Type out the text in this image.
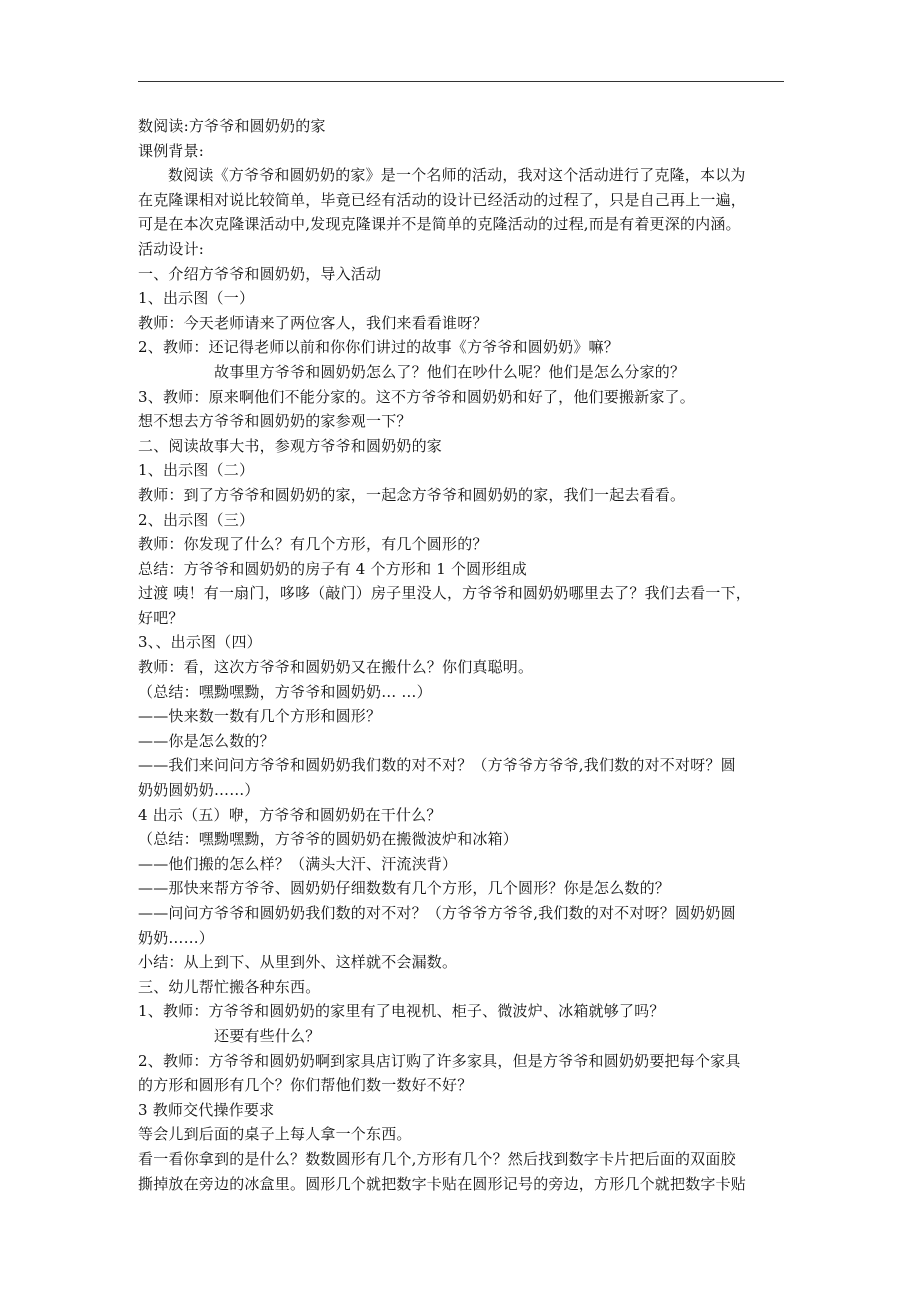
数阅读:方爷爷和圆奶奶的家
课例背景:
数阅读《方爷爷和圆奶奶的家》是一个名师的活动，我对这个活动进行了克隆，本以为
在克隆课相对说比较简单，毕竟已经有活动的设计已经活动的过程了，只是自己再上一遍，
可是在本次克隆课活动中,发现克隆课并不是简单的克隆活动的过程,而是有着更深的内涵。
活动设计:
一、介绍方爷爷和圆奶奶，导入活动
1、出示图（一）
教师：今天老师请来了两位客人，我们来看看谁呀？
2、教师：还记得老师以前和你你们讲过的故事《方爷爷和圆奶奶》嘛？
故事里方爷爷和圆奶奶怎么了？他们在吵什么呢？他们是怎么分家的？
3、教师：原来啊他们不能分家的。这不方爷爷和圆奶奶和好了，他们要搬新家了。
想不想去方爷爷和圆奶奶的家参观一下？
二、阅读故事大书，参观方爷爷和圆奶奶的家
1、出示图（二）
教师：到了方爷爷和圆奶奶的家，一起念方爷爷和圆奶奶的家，我们一起去看看。
2、出示图（三）
教师：你发现了什么？有几个方形，有几个圆形的？
总结：方爷爷和圆奶奶的房子有 4 个方形和 1 个圆形组成
过渡 咦！有一扇门，哆哆（敲门）房子里没人，方爷爷和圆奶奶哪里去了？我们去看一下，
好吧？
3、、出示图（四）
教师：看，这次方爷爷和圆奶奶又在搬什么？你们真聪明。
（总结：嘿黝嘿黝，方爷爷和圆奶奶… …）
——快来数一数有几个方形和圆形？
——你是怎么数的？
——我们来问问方爷爷和圆奶奶我们数的对不对？（方爷爷方爷爷,我们数的对不对呀？圆
奶奶圆奶奶……）
4 出示（五）咿，方爷爷和圆奶奶在干什么？
（总结：嘿黝嘿黝，方爷爷的圆奶奶在搬微波炉和冰箱）
——他们搬的怎么样？（满头大汗、汗流浃背）
——那快来帮方爷爷、圆奶奶仔细数数有几个方形，几个圆形？你是怎么数的？
——问问方爷爷和圆奶奶我们数的对不对？（方爷爷方爷爷,我们数的对不对呀？圆奶奶圆
奶奶……）
小结：从上到下、从里到外、这样就不会漏数。
三、幼儿帮忙搬各种东西。
1、教师：方爷爷和圆奶奶的家里有了电视机、柜子、微波炉、冰箱就够了吗？
还要有些什么？
2、教师：方爷爷和圆奶奶啊到家具店订购了许多家具，但是方爷爷和圆奶奶要把每个家具
的方形和圆形有几个？你们帮他们数一数好不好？
3 教师交代操作要求
等会儿到后面的桌子上每人拿一个东西。
看一看你拿到的是什么？数数圆形有几个,方形有几个？然后找到数字卡片把后面的双面胶
撕掉放在旁边的冰盒里。圆形几个就把数字卡贴在圆形记号的旁边，方形几个就把数字卡贴
